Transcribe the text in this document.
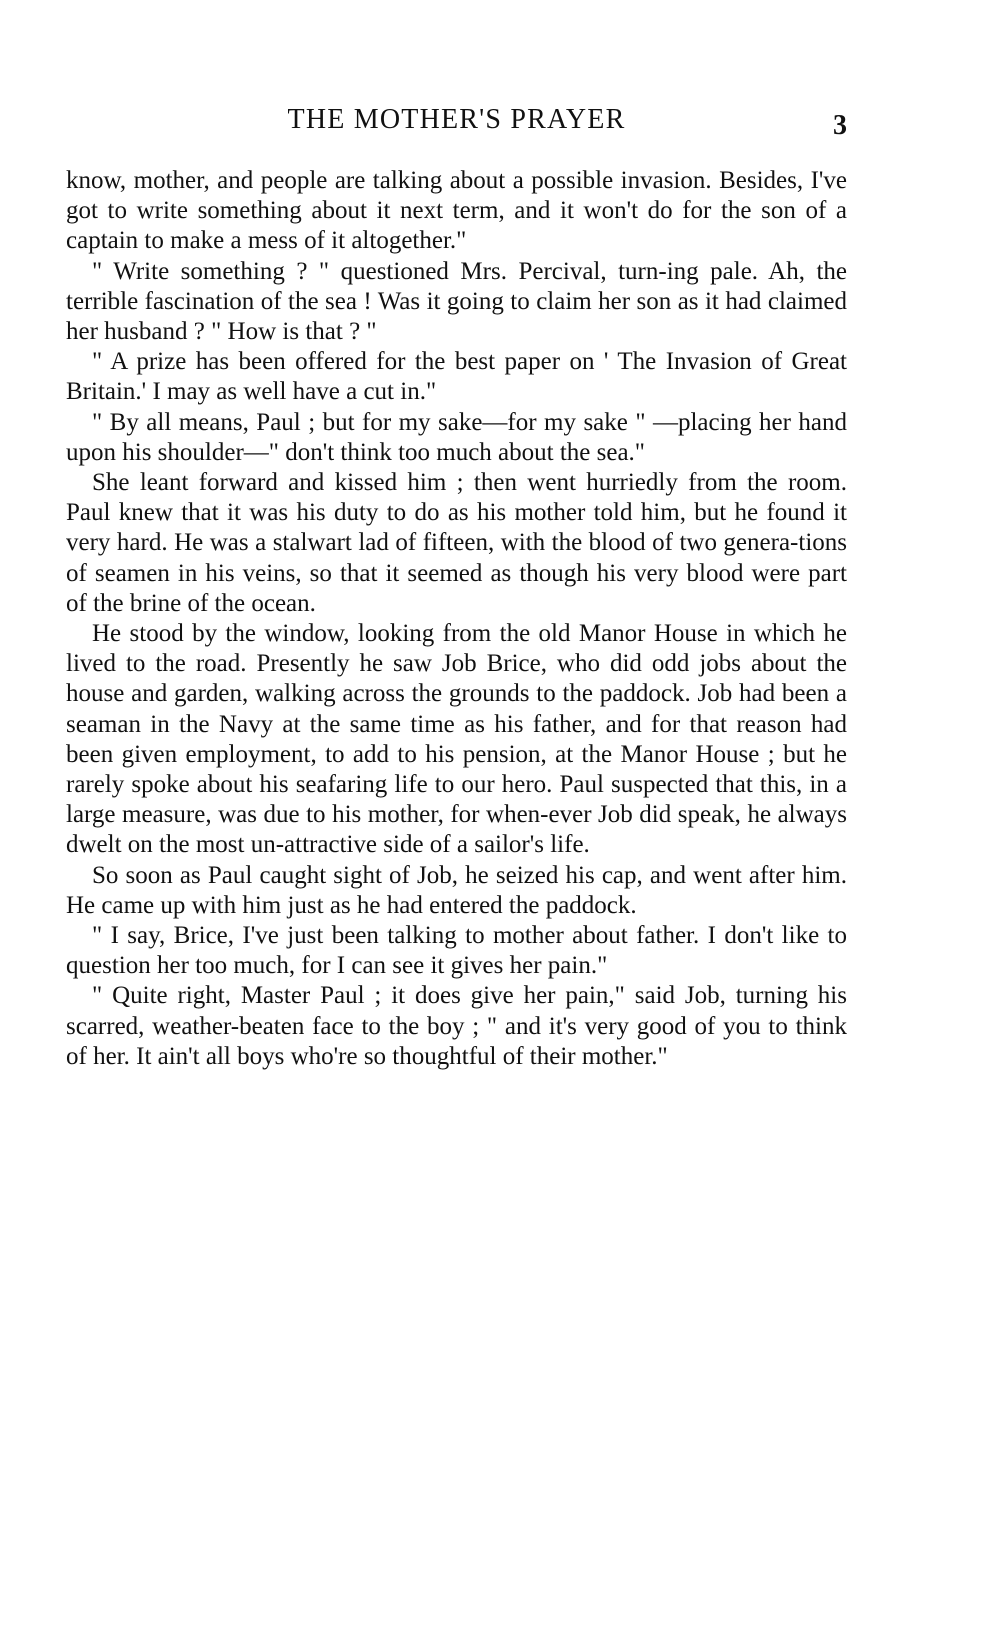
THE MOTHER'S PRAYER	3

know, mother, and people are talking about a possible invasion. Besides, I've got to write something about it next term, and it won't do for the son of a captain to make a mess of it altogether."

" Write something ? " questioned Mrs. Percival, turn-ing pale. Ah, the terrible fascination of the sea ! Was it going to claim her son as it had claimed her husband ? " How is that ? "

" A prize has been offered for the best paper on ' The Invasion of Great Britain.' I may as well have a cut in."

" By all means, Paul ; but for my sake—for my sake " —placing her hand upon his shoulder—" don't think too much about the sea."

She leant forward and kissed him ; then went hurriedly from the room. Paul knew that it was his duty to do as his mother told him, but he found it very hard. He was a stalwart lad of fifteen, with the blood of two genera-tions of seamen in his veins, so that it seemed as though his very blood were part of the brine of the ocean.

He stood by the window, looking from the old Manor House in which he lived to the road. Presently he saw Job Brice, who did odd jobs about the house and garden, walking across the grounds to the paddock. Job had been a seaman in the Navy at the same time as his father, and for that reason had been given employment, to add to his pension, at the Manor House ; but he rarely spoke about his seafaring life to our hero. Paul suspected that this, in a large measure, was due to his mother, for when-ever Job did speak, he always dwelt on the most un-attractive side of a sailor's life.

So soon as Paul caught sight of Job, he seized his cap, and went after him. He came up with him just as he had entered the paddock.

" I say, Brice, I've just been talking to mother about father. I don't like to question her too much, for I can see it gives her pain."

" Quite right, Master Paul ; it does give her pain," said Job, turning his scarred, weather-beaten face to the boy ; " and it's very good of you to think of her. It ain't all boys who're so thoughtful of their mother."
